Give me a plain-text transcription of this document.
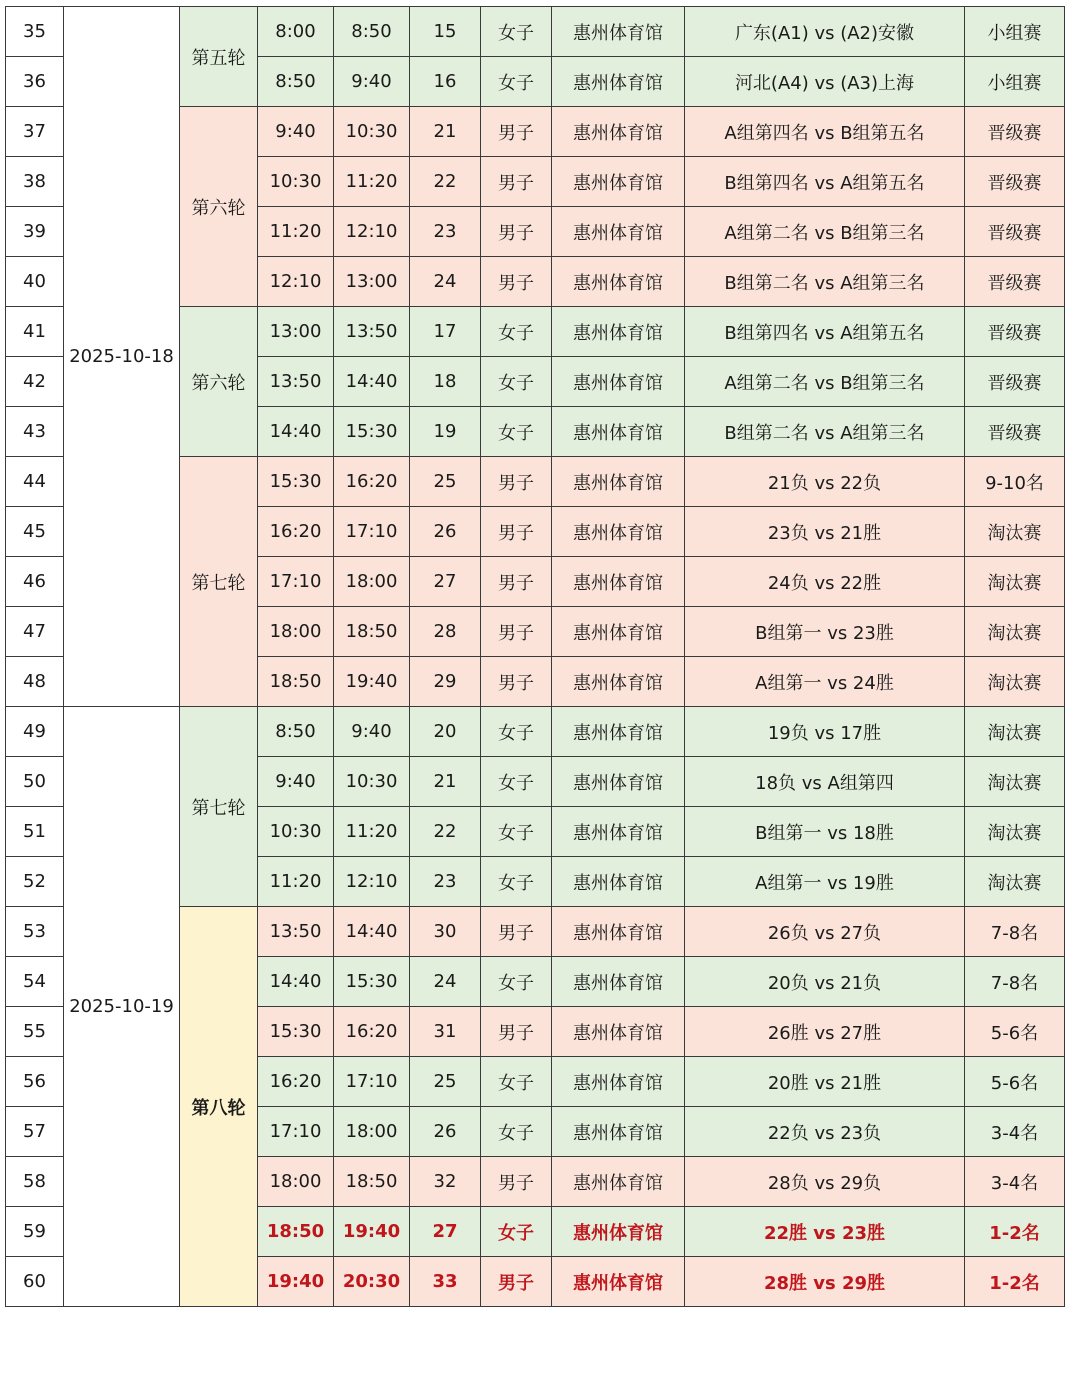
35	2025-10-18	第五轮	8:00	8:50	15	女子	惠州体育馆	广东(A1) vs (A2)安徽	小组赛
36			8:50	9:40	16	女子	惠州体育馆	河北(A4) vs (A3)上海	小组赛
37		第六轮	9:40	10:30	21	男子	惠州体育馆	A组第四名 vs B组第五名	晋级赛
38			10:30	11:20	22	男子	惠州体育馆	B组第四名 vs A组第五名	晋级赛
39			11:20	12:10	23	男子	惠州体育馆	A组第二名 vs B组第三名	晋级赛
40			12:10	13:00	24	男子	惠州体育馆	B组第二名 vs A组第三名	晋级赛
41		第六轮	13:00	13:50	17	女子	惠州体育馆	B组第四名 vs A组第五名	晋级赛
42			13:50	14:40	18	女子	惠州体育馆	A组第二名 vs B组第三名	晋级赛
43			14:40	15:30	19	女子	惠州体育馆	B组第二名 vs A组第三名	晋级赛
44		第七轮	15:30	16:20	25	男子	惠州体育馆	21负 vs 22负	9-10名
45			16:20	17:10	26	男子	惠州体育馆	23负 vs 21胜	淘汰赛
46			17:10	18:00	27	男子	惠州体育馆	24负 vs 22胜	淘汰赛
47			18:00	18:50	28	男子	惠州体育馆	B组第一 vs 23胜	淘汰赛
48			18:50	19:40	29	男子	惠州体育馆	A组第一 vs 24胜	淘汰赛
49	2025-10-19	第七轮	8:50	9:40	20	女子	惠州体育馆	19负 vs 17胜	淘汰赛
50			9:40	10:30	21	女子	惠州体育馆	18负 vs A组第四	淘汰赛
51			10:30	11:20	22	女子	惠州体育馆	B组第一 vs 18胜	淘汰赛
52			11:20	12:10	23	女子	惠州体育馆	A组第一 vs 19胜	淘汰赛
53		第八轮	13:50	14:40	30	男子	惠州体育馆	26负 vs 27负	7-8名
54			14:40	15:30	24	女子	惠州体育馆	20负 vs 21负	7-8名
55			15:30	16:20	31	男子	惠州体育馆	26胜 vs 27胜	5-6名
56			16:20	17:10	25	女子	惠州体育馆	20胜 vs 21胜	5-6名
57			17:10	18:00	26	女子	惠州体育馆	22负 vs 23负	3-4名
58			18:00	18:50	32	男子	惠州体育馆	28负 vs 29负	3-4名
59			18:50	19:40	27	女子	惠州体育馆	22胜 vs 23胜	1-2名
60			19:40	20:30	33	男子	惠州体育馆	28胜 vs 29胜	1-2名
